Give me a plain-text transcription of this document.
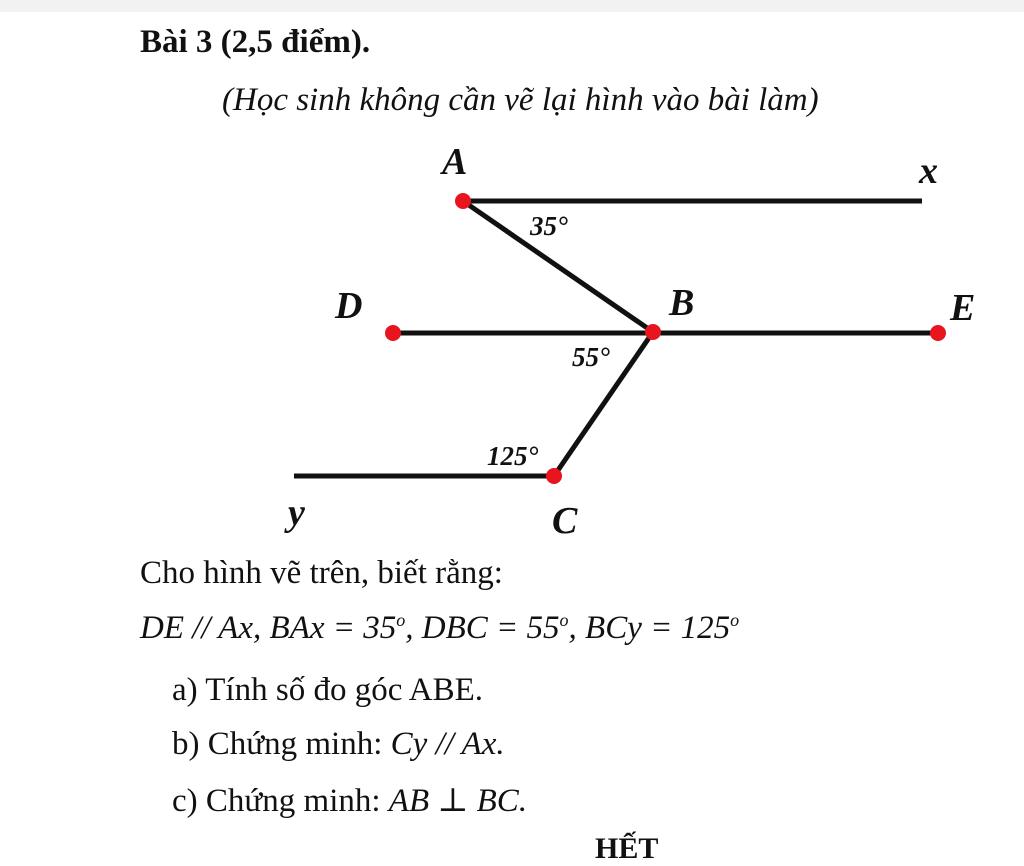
Bài 3 (2,5 điểm).
(Học sinh không cần vẽ lại hình vào bài làm)
A	x
D	B	E
y	C
35°
55°
125°
Cho hình vẽ trên, biết rằng:
DE // Ax, BAx = $35^o$, DBC = $55^o$, BCy = $125^o$
a) Tính số đo góc ABE.
b) Chứng minh: Cy // Ax.
c) Chứng minh: AB ⊥ BC.
HẾT
